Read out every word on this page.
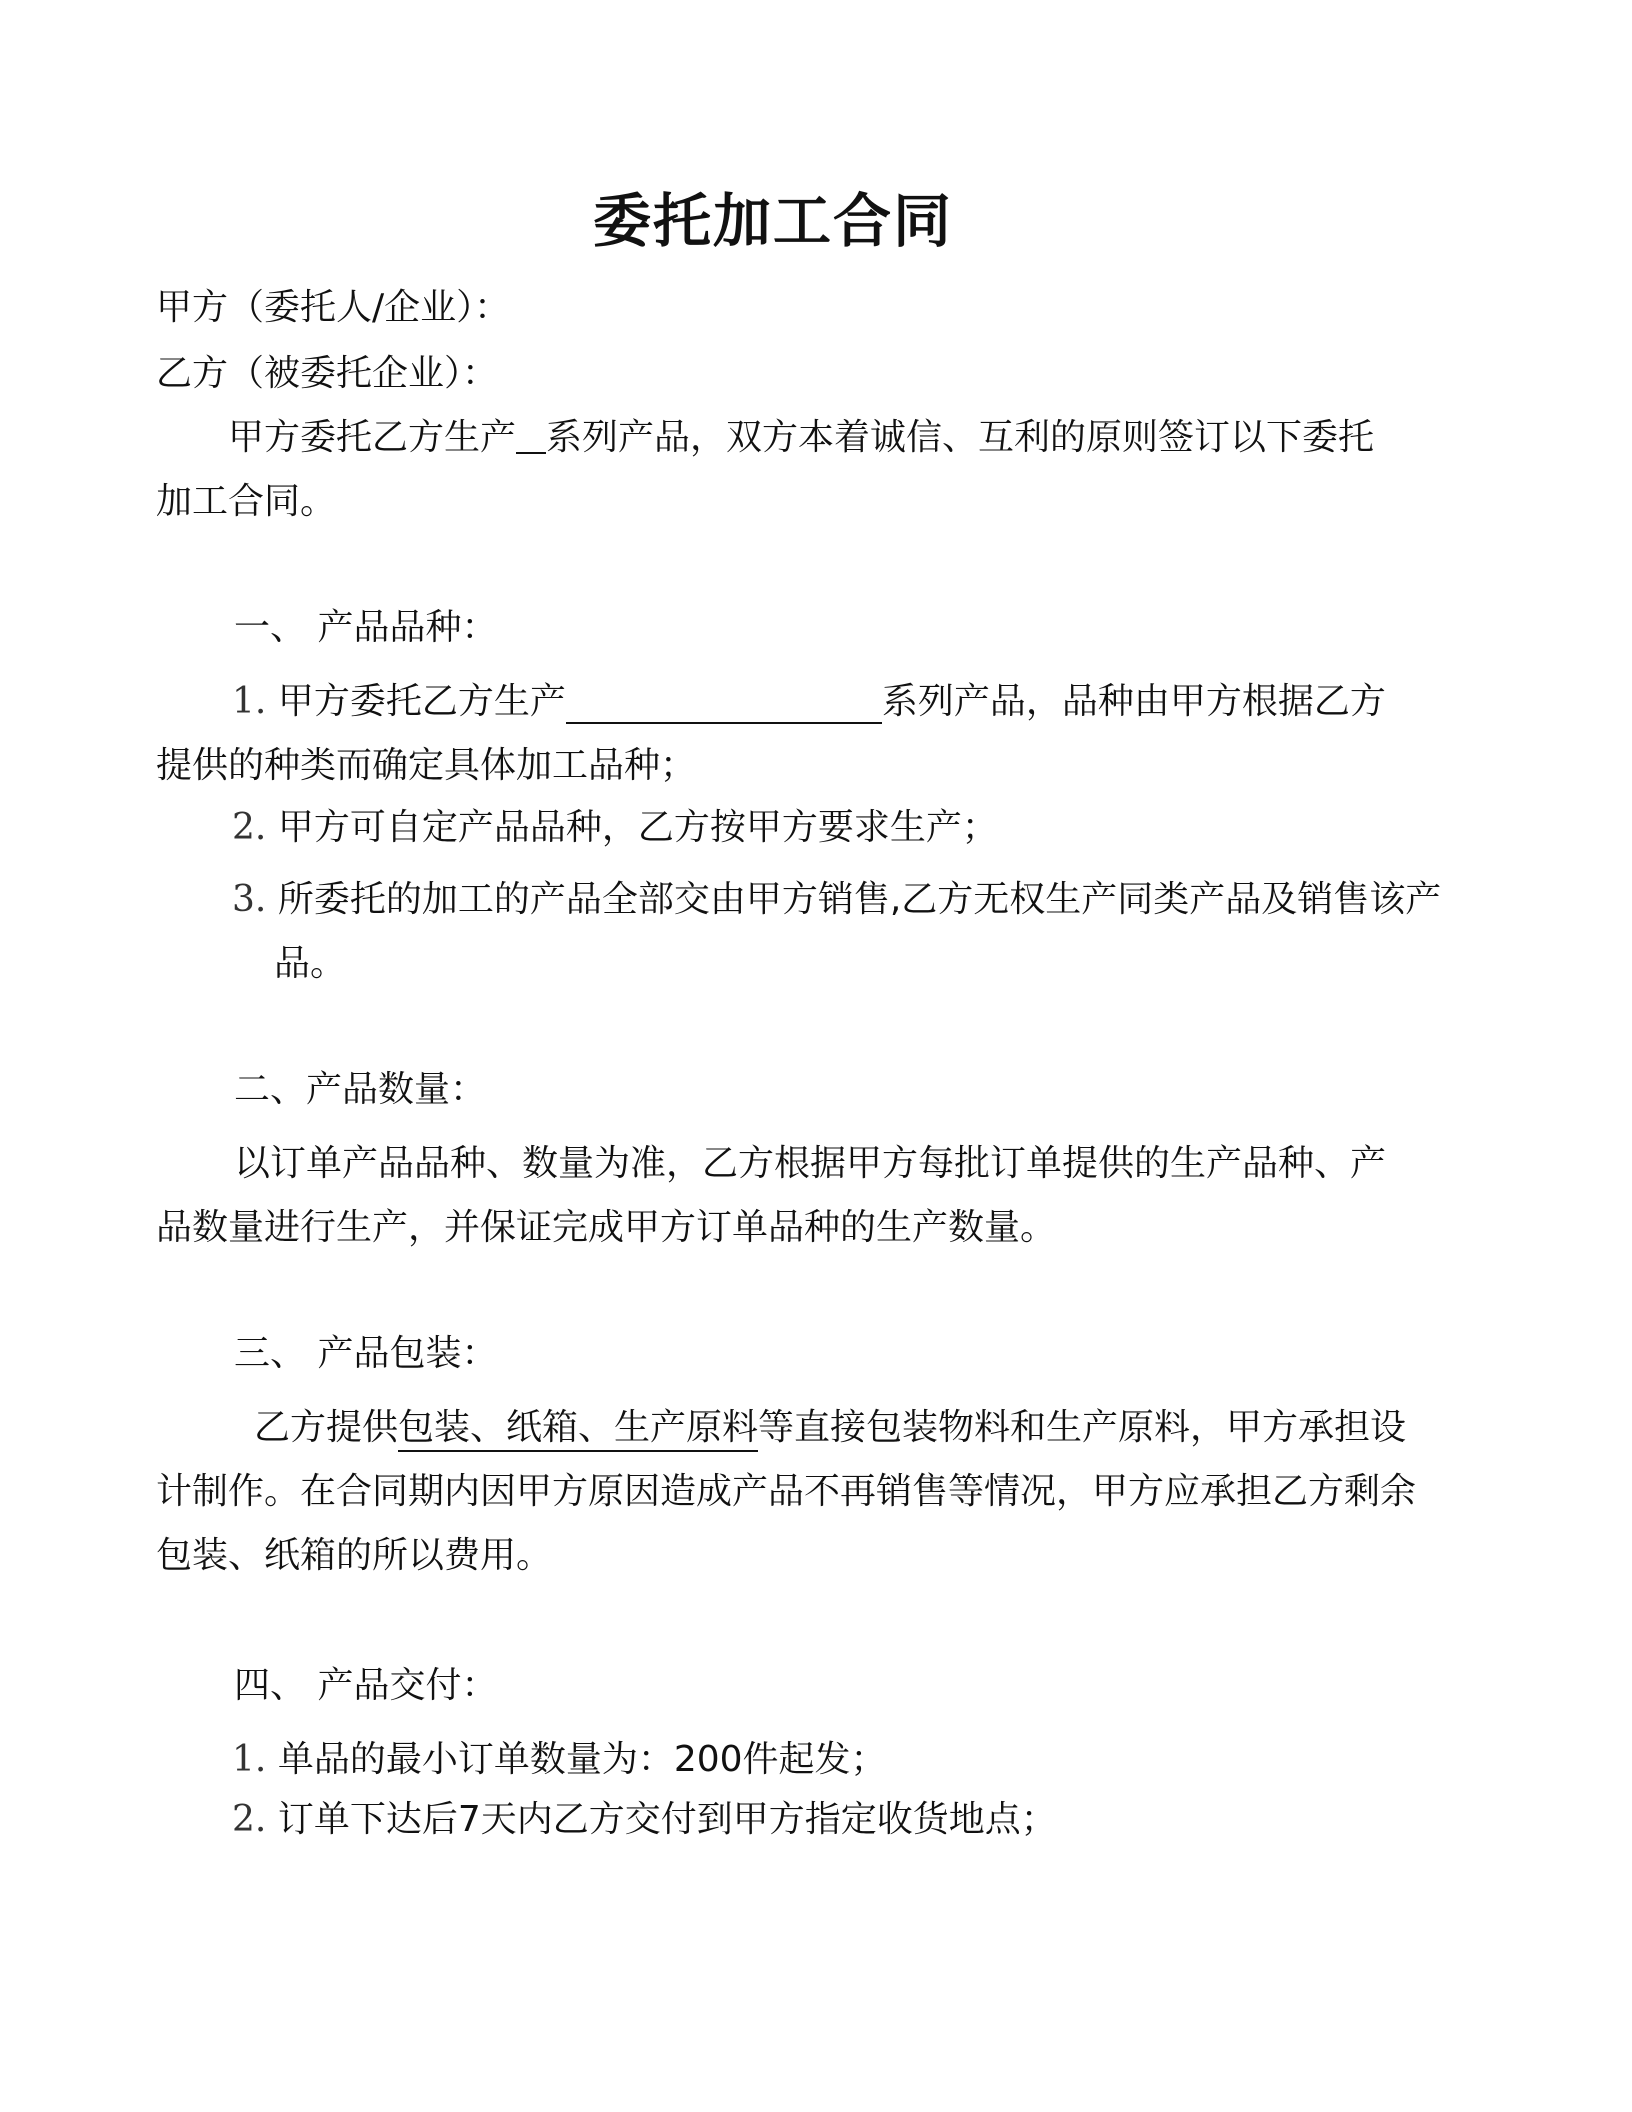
委托加工合同
甲方（委托人/企业）：
乙方（被委托企业）：
甲方委托乙方生产 系列产品，双方本着诚信、互利的原则签订以下委托
加工合同。
一、 产品品种：
1. 甲方委托乙方生产	系列产品，品种由甲方根据乙方
提供的种类而确定具体加工品种；
2. 甲方可自定产品品种，乙方按甲方要求生产；
3. 所委托的加工的产品全部交由甲方销售,乙方无权生产同类产品及销售该产
品。
二、产品数量：
以订单产品品种、数量为准，乙方根据甲方每批订单提供的生产品种、产
品数量进行生产，并保证完成甲方订单品种的生产数量。
三、 产品包装：
乙方提供包装、纸箱、生产原料等直接包装物料和生产原料，甲方承担设
计制作。在合同期内因甲方原因造成产品不再销售等情况，甲方应承担乙方剩余
包装、纸箱的所以费用。
四、 产品交付：
1. 单品的最小订单数量为：200件起发；
2. 订单下达后7天内乙方交付到甲方指定收货地点；
